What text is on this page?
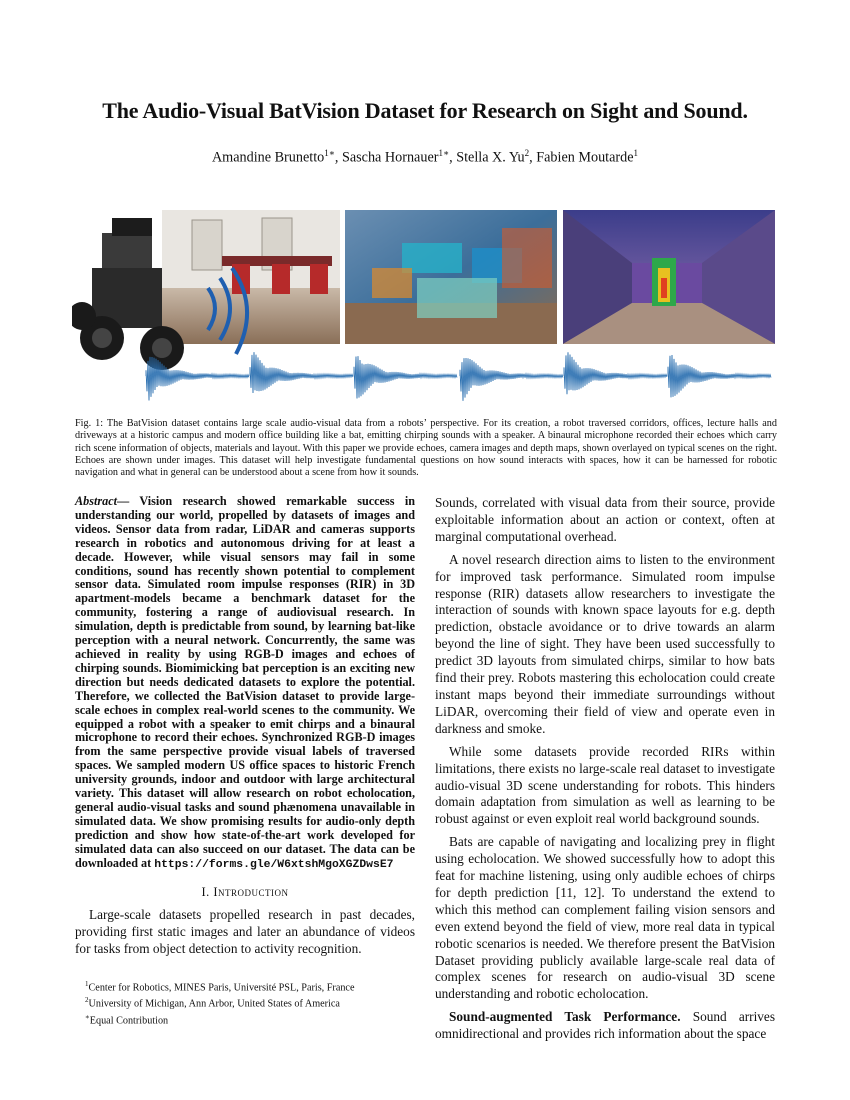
The Audio-Visual BatVision Dataset for Research on Sight and Sound.
Amandine Brunetto$^{1∗}$, Sascha Hornauer$^{1∗}$, Stella X. Yu$^2$, Fabien Moutarde$^1$
Fig. 1: The BatVision dataset contains large scale audio-visual data from a robots’ perspective. For its creation, a robot traversed corridors, offices, lecture halls and driveways at a historic campus and modern office building like a bat, emitting chirping sounds with a speaker. A binaural microphone recorded their echoes which carry rich scene information of objects, materials and layout. With this paper we provide echoes, camera images and depth maps, shown overlayed on typical scenes on the right. Echoes are shown under images. This dataset will help investigate fundamental questions on how sound interacts with spaces, how it can be harnessed for robotic navigation and what in general can be understood about a scene from how it sounds.
Abstract— Vision research showed remarkable success in understanding our world, propelled by datasets of images and videos. Sensor data from radar, LiDAR and cameras supports research in robotics and autonomous driving for at least a decade. However, while visual sensors may fail in some conditions, sound has recently shown potential to complement sensor data. Simulated room impulse responses (RIR) in 3D apartment-models became a benchmark dataset for the community, fostering a range of audiovisual research. In simulation, depth is predictable from sound, by learning bat-like perception with a neural network. Concurrently, the same was achieved in reality by using RGB-D images and echoes of chirping sounds. Biomimicking bat perception is an exciting new direction but needs dedicated datasets to explore the potential. Therefore, we collected the BatVision dataset to provide large-scale echoes in complex real-world scenes to the community. We equipped a robot with a speaker to emit chirps and a binaural microphone to record their echoes. Synchronized RGB-D images from the same perspective provide visual labels of traversed spaces. We sampled modern US office spaces to historic French university grounds, indoor and outdoor with large architectural variety. This dataset will allow research on robot echolocation, general audio-visual tasks and sound phænomena unavailable in simulated data. We show promising results for audio-only depth prediction and show how state-of-the-art work developed for simulated data can also succeed on our dataset. The data can be downloaded at https://forms.gle/W6xtshMgoXGZDwsE7
I. Introduction

Large-scale datasets propelled research in past decades, providing first static images and later an abundance of videos for tasks from object detection to activity recognition.

$^1$Center for Robotics, MINES Paris, Université PSL, Paris, France
$^2$University of Michigan, Ann Arbor, United States of America
∗Equal Contribution

Sounds, correlated with visual data from their source, provide exploitable information about an action or context, often at marginal computational overhead.

A novel research direction aims to listen to the environment for improved task performance. Simulated room impulse response (RIR) datasets allow researchers to investigate the interaction of sounds with known space layouts for e.g. depth prediction, obstacle avoidance or to drive towards an alarm beyond the line of sight. They have been used successfully to predict 3D layouts from simulated chirps, similar to how bats find their prey. Robots mastering this echolocation could create instant maps beyond their immediate surroundings without LiDAR, overcoming their field of view and operate even in darkness and smoke.

While some datasets provide recorded RIRs within limitations, there exists no large-scale real dataset to investigate audio-visual 3D scene understanding for robots. This hinders domain adaptation from simulation as well as learning to be robust against or even exploit real world background sounds.

Bats are capable of navigating and localizing prey in flight using echolocation. We showed successfully how to adopt this feat for machine listening, using only audible echoes of chirps for depth prediction [11, 12]. To understand the extend to which this method can complement failing vision sensors and even extend beyond the field of view, more real data in typical robotic scenarios is needed. We therefore present the BatVision Dataset providing publicly available large-scale real data of complex scenes for research on audio-visual 3D scene understanding and robotic echolocation.

Sound-augmented Task Performance. Sound arrives omnidirectional and provides rich information about the space
